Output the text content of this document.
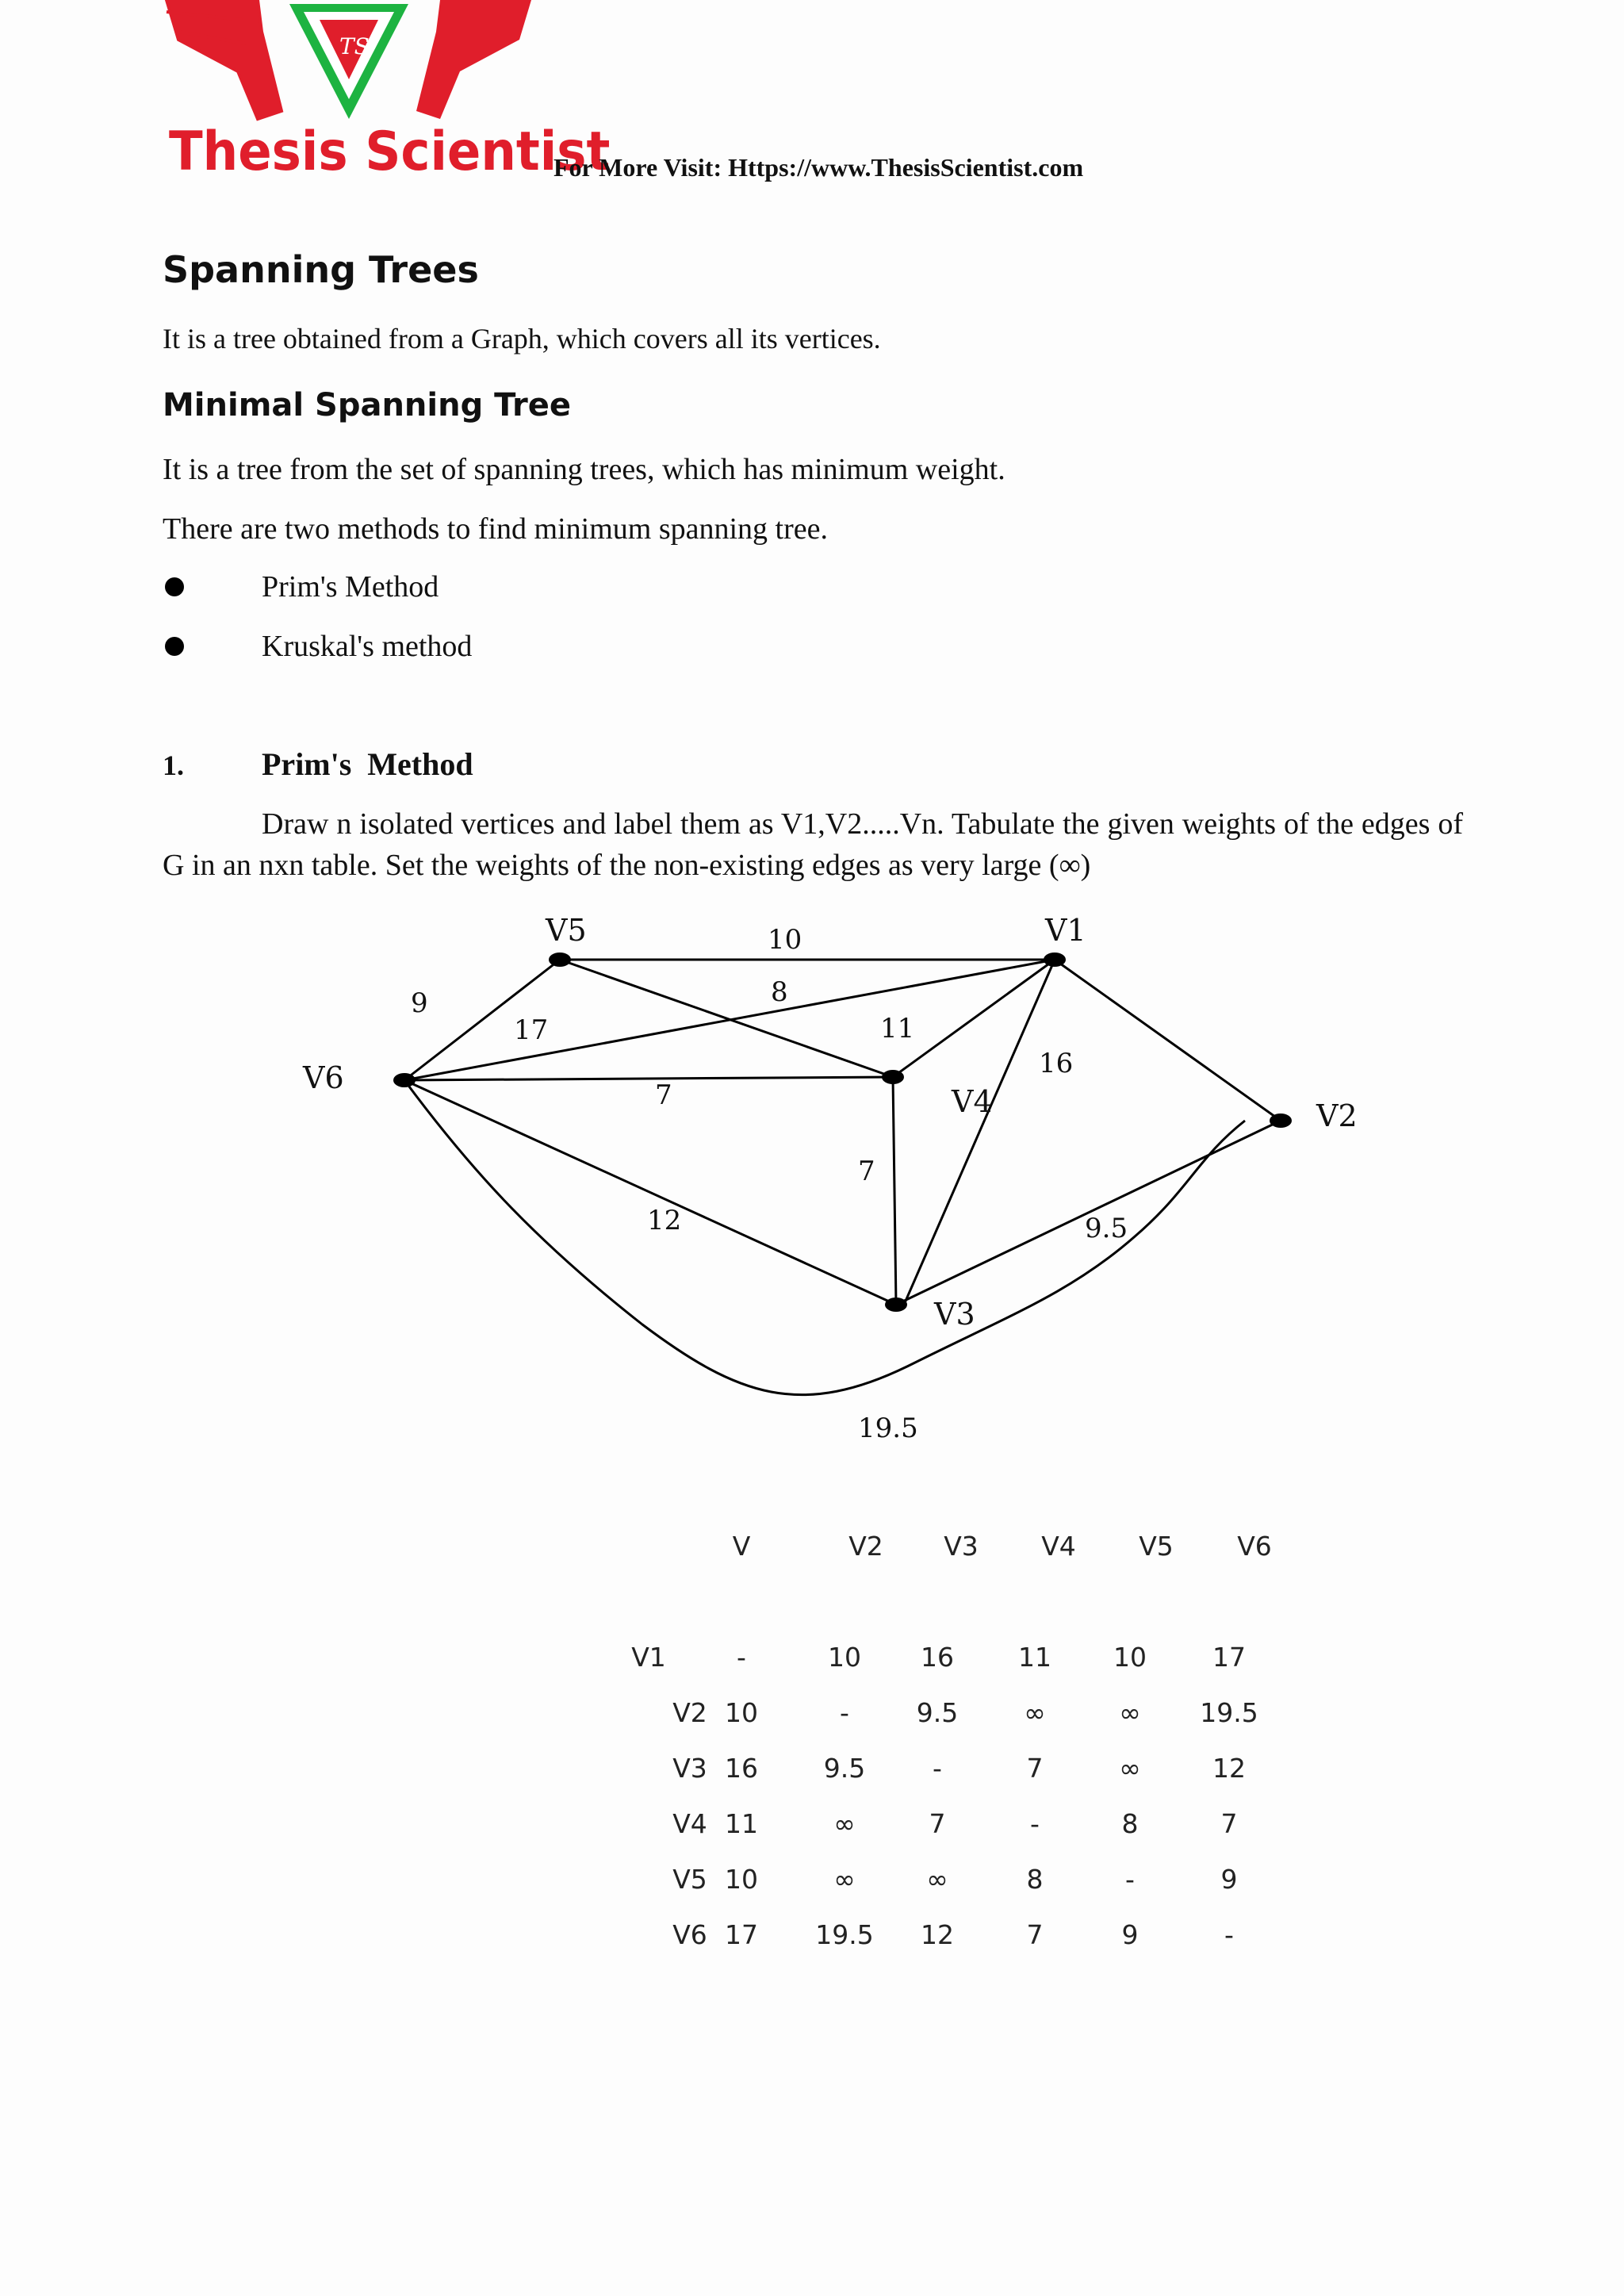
TS
Thesis Scientist
For More Visit: Https://www.ThesisScientist.com
Spanning Trees

It is a tree obtained from a Graph, which covers all its vertices.

Minimal Spanning Tree

It is a tree from the set of spanning trees, which has minimum weight.

There are two methods to find minimum spanning tree.

Prim's Method
Kruskal's method
1. Prim's  Method

Draw n isolated vertices and label them as V1,V2.....Vn. Tabulate the given weights of the edges of G in an nxn table. Set the weights of the non-existing edges as very large (∞)

V5	V1
V6
V4	V2
V3
10
8
9
17	11
16
7
7
12	9.5
19.5
V	V2 V3 V4 V5 V6
V1	-	10 16 11 10	17
V2 10	-	9.5	∞	∞ 19.5
V3 16	9.5	-	7	∞	12
V4 11	∞	7	-	8	7
V5 10	∞	∞	8	-	9
V6 17 19.5 12	7	9	-
